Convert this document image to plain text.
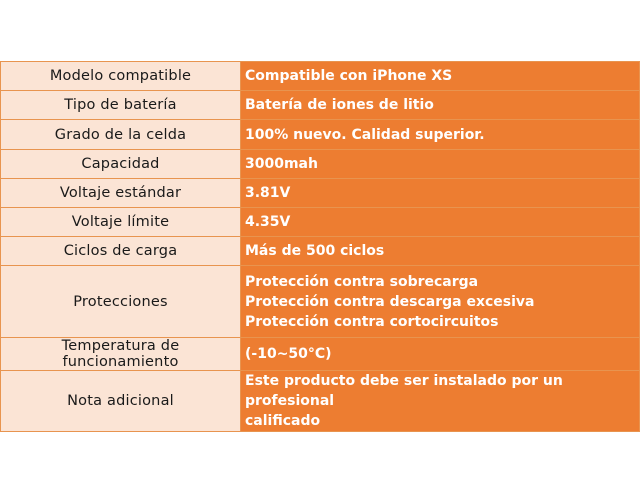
Modelo compatible	Compatible con iPhone XS

Tipo de batería	Batería de iones de litio

Grado de la celda	100% nuevo. Calidad superior.

Capacidad	3000mah

Voltaje estándar	3.81V

Voltaje límite	4.35V

Ciclos de carga	Más de 500 ciclos

Protecciones	Protección contra sobrecarga
Protección contra descarga excesiva
Protección contra cortocircuitos

Temperatura de funcionamiento	(-10~50°C)

Nota adicional	Este producto debe ser instalado por un profesional
calificado
